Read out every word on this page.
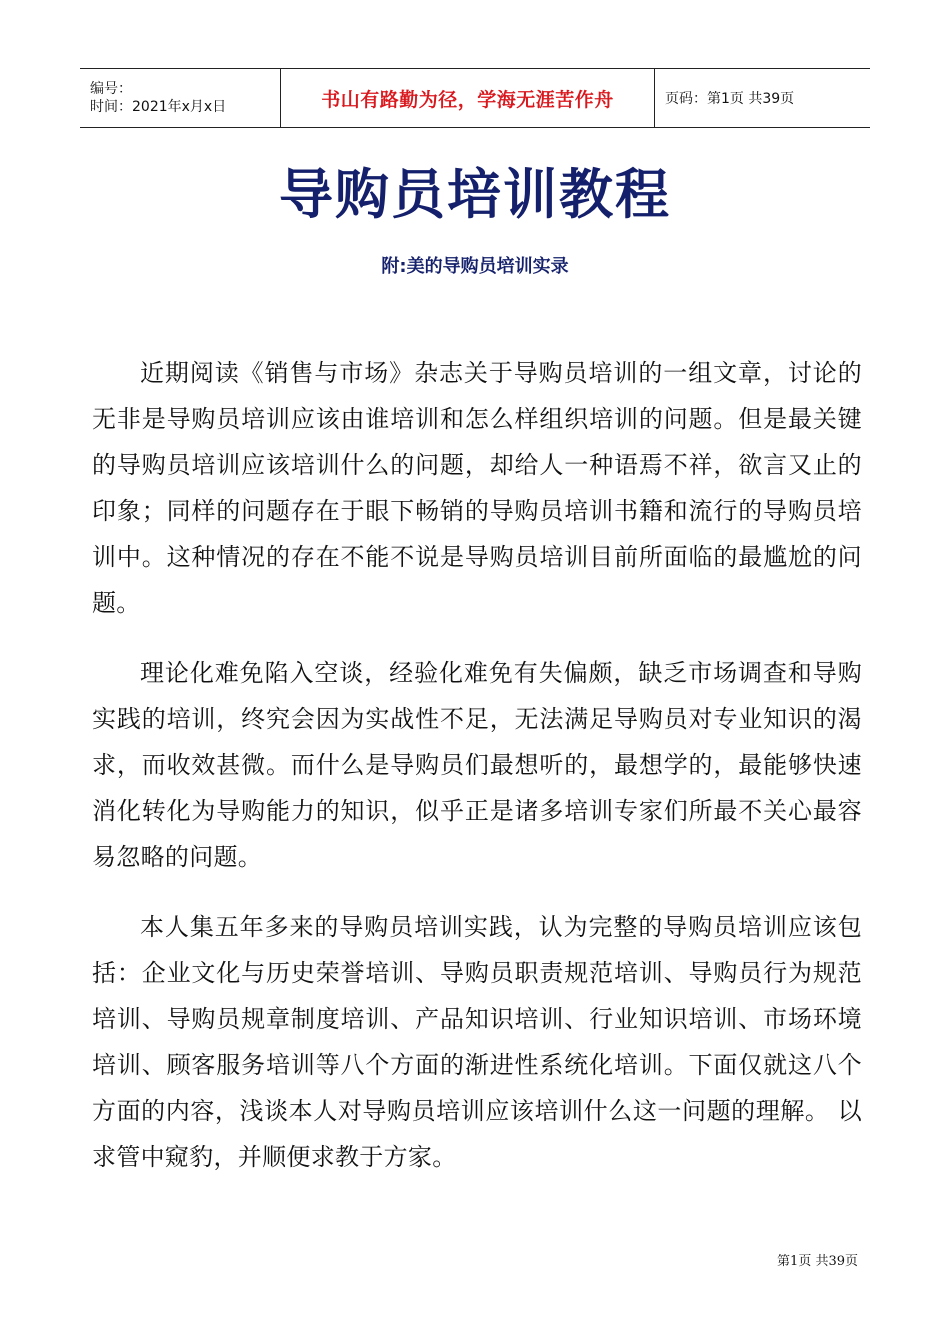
编号：
时间：2021年x月x日	书山有路勤为径，学海无涯苦作舟	页码：第1页 共39页
导购员培训教程
附:美的导购员培训实录

近期阅读《销售与市场》杂志关于导购员培训的一组文章，讨论的无非是导购员培训应该由谁培训和怎么样组织培训的问题。但是最关键的导购员培训应该培训什么的问题，却给人一种语焉不祥，欲言又止的印象；同样的问题存在于眼下畅销的导购员培训书籍和流行的导购员培训中。这种情况的存在不能不说是导购员培训目前所面临的最尴尬的问题。

理论化难免陷入空谈，经验化难免有失偏颇，缺乏市场调查和导购实践的培训，终究会因为实战性不足，无法满足导购员对专业知识的渴求，而收效甚微。而什么是导购员们最想听的，最想学的，最能够快速消化转化为导购能力的知识，似乎正是诸多培训专家们所最不关心最容易忽略的问题。

本人集五年多来的导购员培训实践，认为完整的导购员培训应该包括：企业文化与历史荣誉培训、导购员职责规范培训、导购员行为规范培训、导购员规章制度培训、产品知识培训、行业知识培训、市场环境培训、顾客服务培训等八个方面的渐进性系统化培训。下面仅就这八个方面的内容，浅谈本人对导购员培训应该培训什么这一问题的理解。 以求管中窥豹，并顺便求教于方家。

第1页 共39页
